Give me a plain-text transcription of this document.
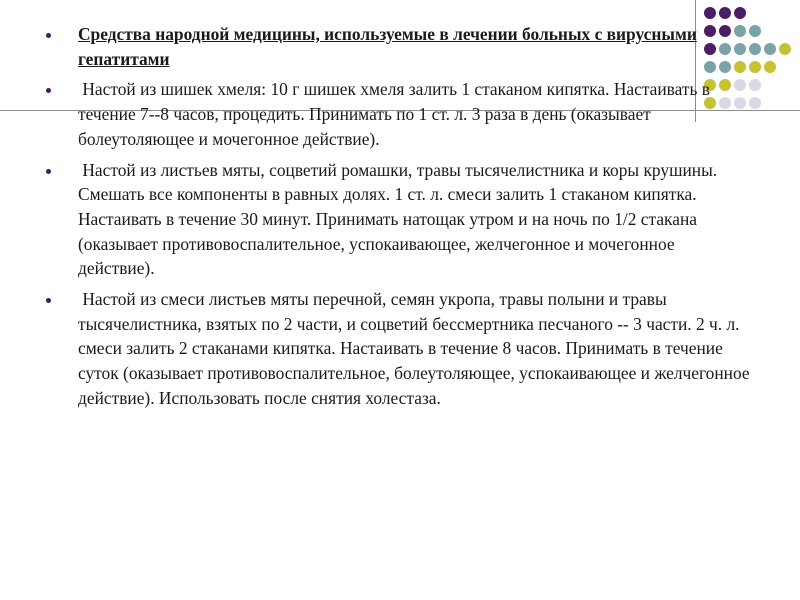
Средства народной медицины, используемые в лечении больных с вирусными гепатитами
Настой из шишек хмеля: 10 г шишек хмеля залить 1 стаканом кипятка. Настаивать в течение 7--8 часов, процедить. Принимать по 1 ст. л. 3 раза в день (оказывает болеутоляющее и мочегонное действие).
Настой из листьев мяты, соцветий ромашки, травы тысячелистника и коры крушины. Смешать все компоненты в равных долях. 1 ст. л. смеси залить 1 стаканом кипятка. Настаивать в течение 30 минут. Принимать натощак утром и на ночь по 1/2 стакана (оказывает противовоспалительное, успокаивающее, желчегонное и мочегонное действие).
Настой из смеси листьев мяты перечной, семян укропа, травы полыни и травы тысячелистника, взятых по 2 части, и соцветий бессмертника песчаного -- 3 части. 2 ч. л. смеси залить 2 стаканами кипятка. Настаивать в течение 8 часов. Принимать в течение суток (оказывает противовоспалительное, болеутоляющее, успокаивающее и желчегонное действие). Использовать после снятия холестаза.
